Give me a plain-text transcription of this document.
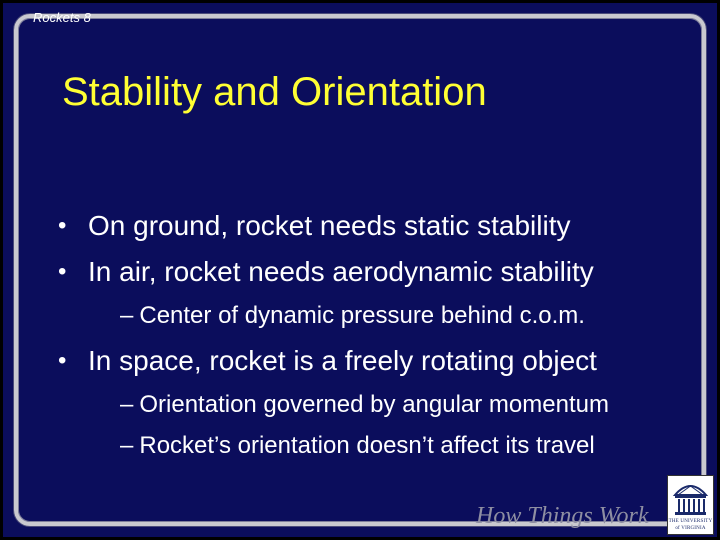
Rockets 8
Stability and Orientation
• On ground, rocket needs static stability
• In air, rocket needs aerodynamic stability
– Center of dynamic pressure behind c.o.m.
• In space, rocket is a freely rotating object
– Orientation governed by angular momentum
– Rocket’s orientation doesn’t affect its travel
How Things Work	THE UNIVERSITY
of VIRGINIA
